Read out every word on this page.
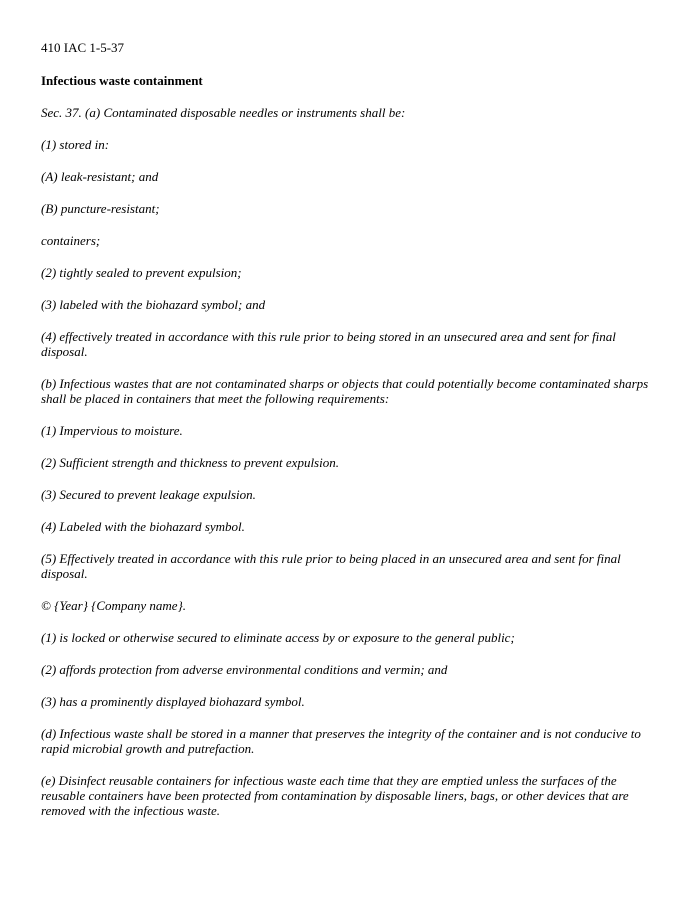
410 IAC 1-5-37

Infectious waste containment

Sec. 37. (a) Contaminated disposable needles or instruments shall be:

(1) stored in:

(A) leak-resistant; and

(B) puncture-resistant;

containers;

(2) tightly sealed to prevent expulsion;

(3) labeled with the biohazard symbol; and

(4) effectively treated in accordance with this rule prior to being stored in an unsecured area and sent for final disposal.

(b) Infectious wastes that are not contaminated sharps or objects that could potentially become contaminated sharps shall be placed in containers that meet the following requirements:

(1) Impervious to moisture.

(2) Sufficient strength and thickness to prevent expulsion.

(3) Secured to prevent leakage expulsion.

(4) Labeled with the biohazard symbol.

(5) Effectively treated in accordance with this rule prior to being placed in an unsecured area and sent for final disposal.

© {Year} {Company name}.

(1) is locked or otherwise secured to eliminate access by or exposure to the general public;

(2) affords protection from adverse environmental conditions and vermin; and

(3) has a prominently displayed biohazard symbol.

(d) Infectious waste shall be stored in a manner that preserves the integrity of the container and is not conducive to rapid microbial growth and putrefaction.

(e) Disinfect reusable containers for infectious waste each time that they are emptied unless the surfaces of the reusable containers have been protected from contamination by disposable liners, bags, or other devices that are removed with the infectious waste.
